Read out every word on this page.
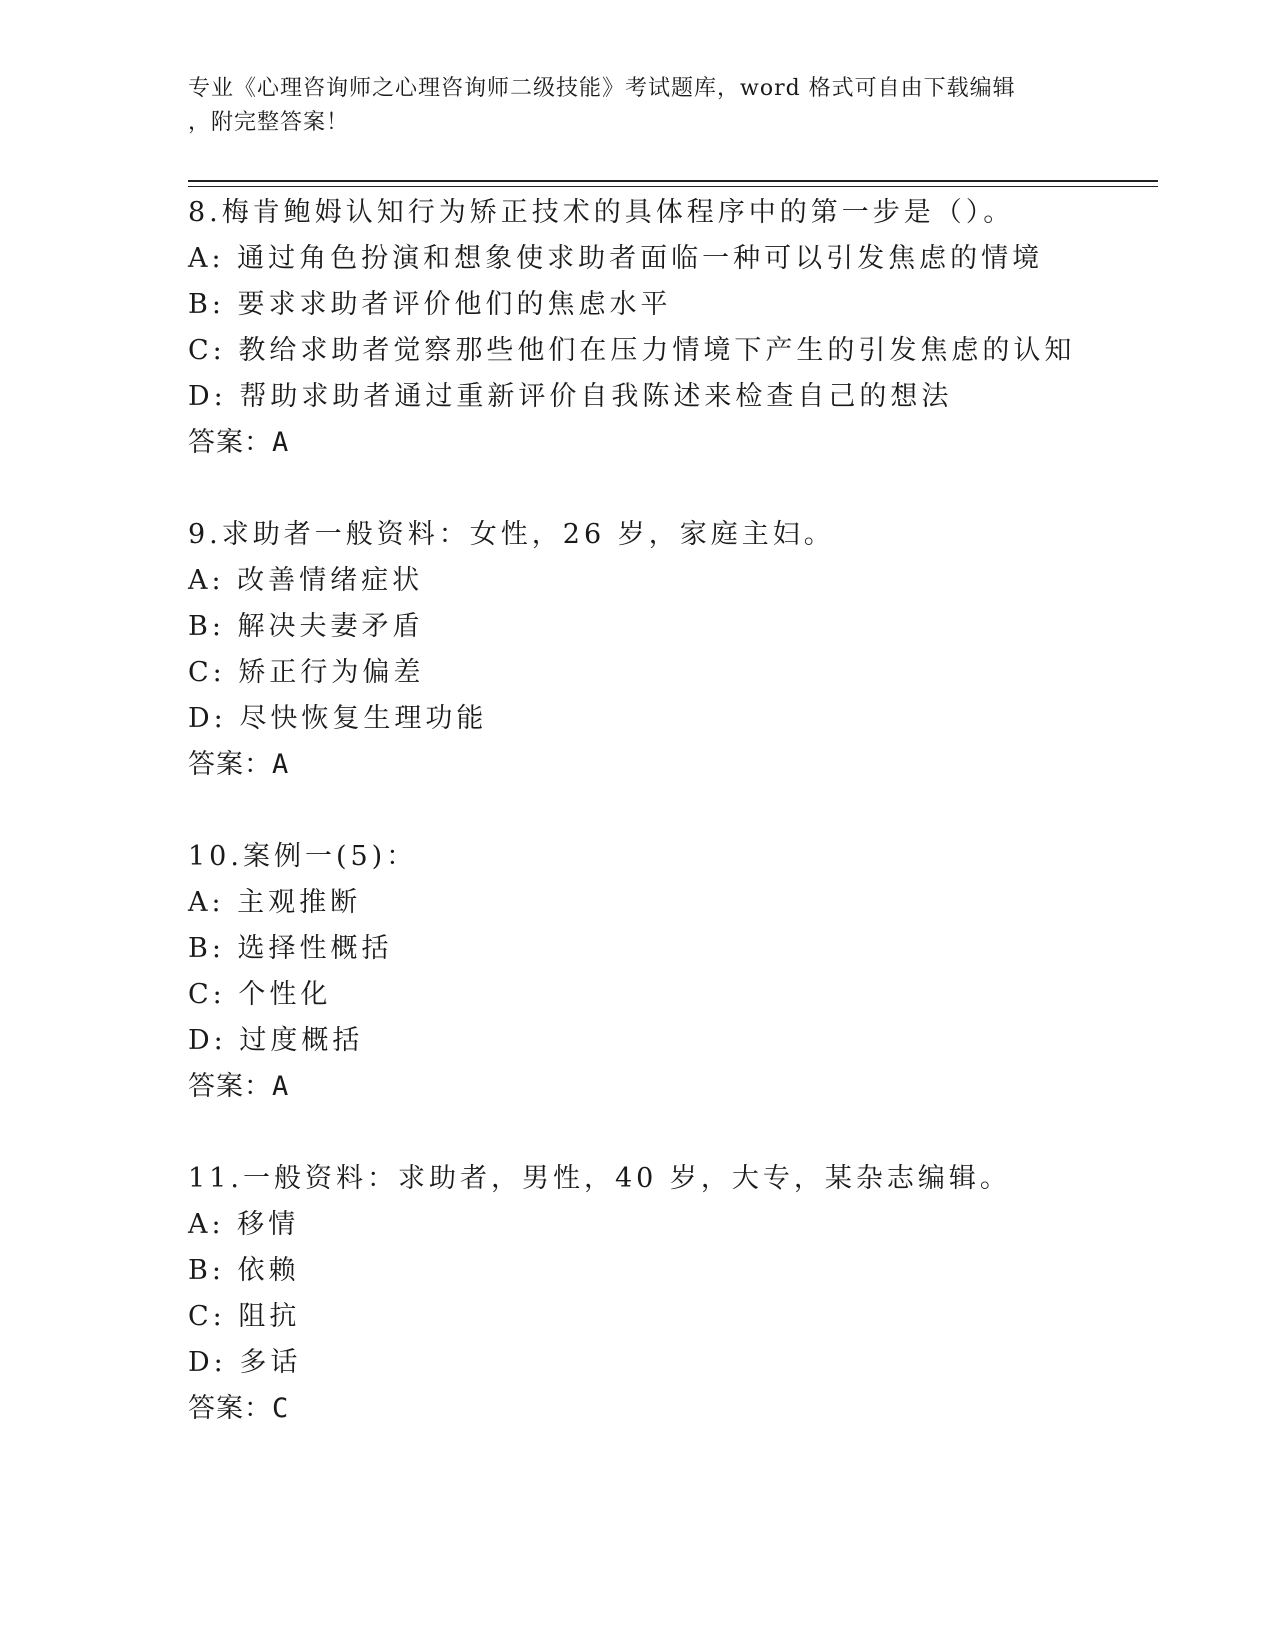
专业《心理咨询师之心理咨询师二级技能》考试题库，word 格式可自由下载编辑
，附完整答案！
8.梅肯鲍姆认知行为矫正技术的具体程序中的第一步是（）。
A: 通过角色扮演和想象使求助者面临一种可以引发焦虑的情境
B: 要求求助者评价他们的焦虑水平
C: 教给求助者觉察那些他们在压力情境下产生的引发焦虑的认知
D: 帮助求助者通过重新评价自我陈述来检查自己的想法
答案：A
9.求助者一般资料：女性，26 岁，家庭主妇。
A: 改善情绪症状
B: 解决夫妻矛盾
C: 矫正行为偏差
D: 尽快恢复生理功能
答案：A
10.案例一(5)：
A: 主观推断
B: 选择性概括
C: 个性化
D: 过度概括
答案：A
11.一般资料：求助者，男性，40 岁，大专，某杂志编辑。
A: 移情
B: 依赖
C: 阻抗
D: 多话
答案：C
